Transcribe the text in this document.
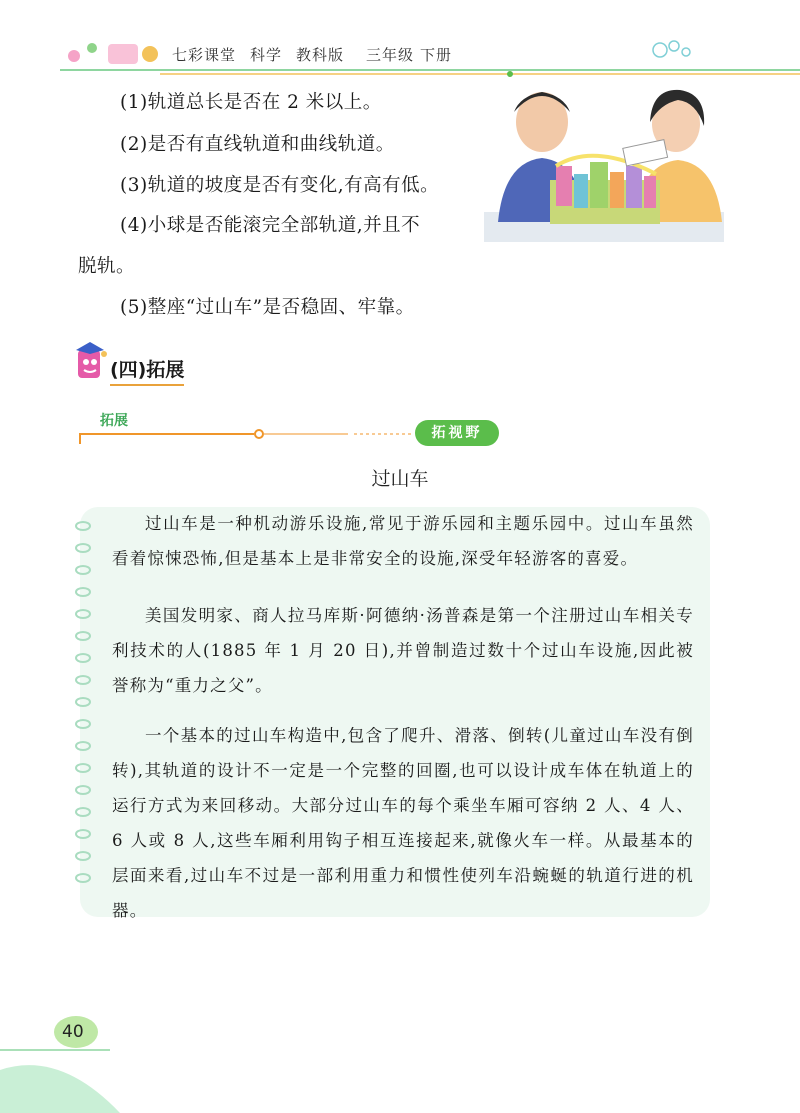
七彩课堂 科学 教科版 三年级 下册
(1)轨道总长是否在 2 米以上。
(2)是否有直线轨道和曲线轨道。
(3)轨道的坡度是否有变化,有高有低。
(4)小球是否能滚完全部轨道,并且不
脱轨。
(5)整座“过山车”是否稳固、牢靠。
(四)拓展
拓展
拓视野
过山车

过山车是一种机动游乐设施,常见于游乐园和主题乐园中。过山车虽然看着惊悚恐怖,但是基本上是非常安全的设施,深受年轻游客的喜爱。

美国发明家、商人拉马库斯·阿德纳·汤普森是第一个注册过山车相关专利技术的人(1885 年 1 月 20 日),并曾制造过数十个过山车设施,因此被誉称为“重力之父”。

一个基本的过山车构造中,包含了爬升、滑落、倒转(儿童过山车没有倒转),其轨道的设计不一定是一个完整的回圈,也可以设计成车体在轨道上的运行方式为来回移动。大部分过山车的每个乘坐车厢可容纳 2 人、4 人、6 人或 8 人,这些车厢利用钩子相互连接起来,就像火车一样。从最基本的层面来看,过山车不过是一部利用重力和惯性使列车沿蜿蜒的轨道行进的机器。

40
